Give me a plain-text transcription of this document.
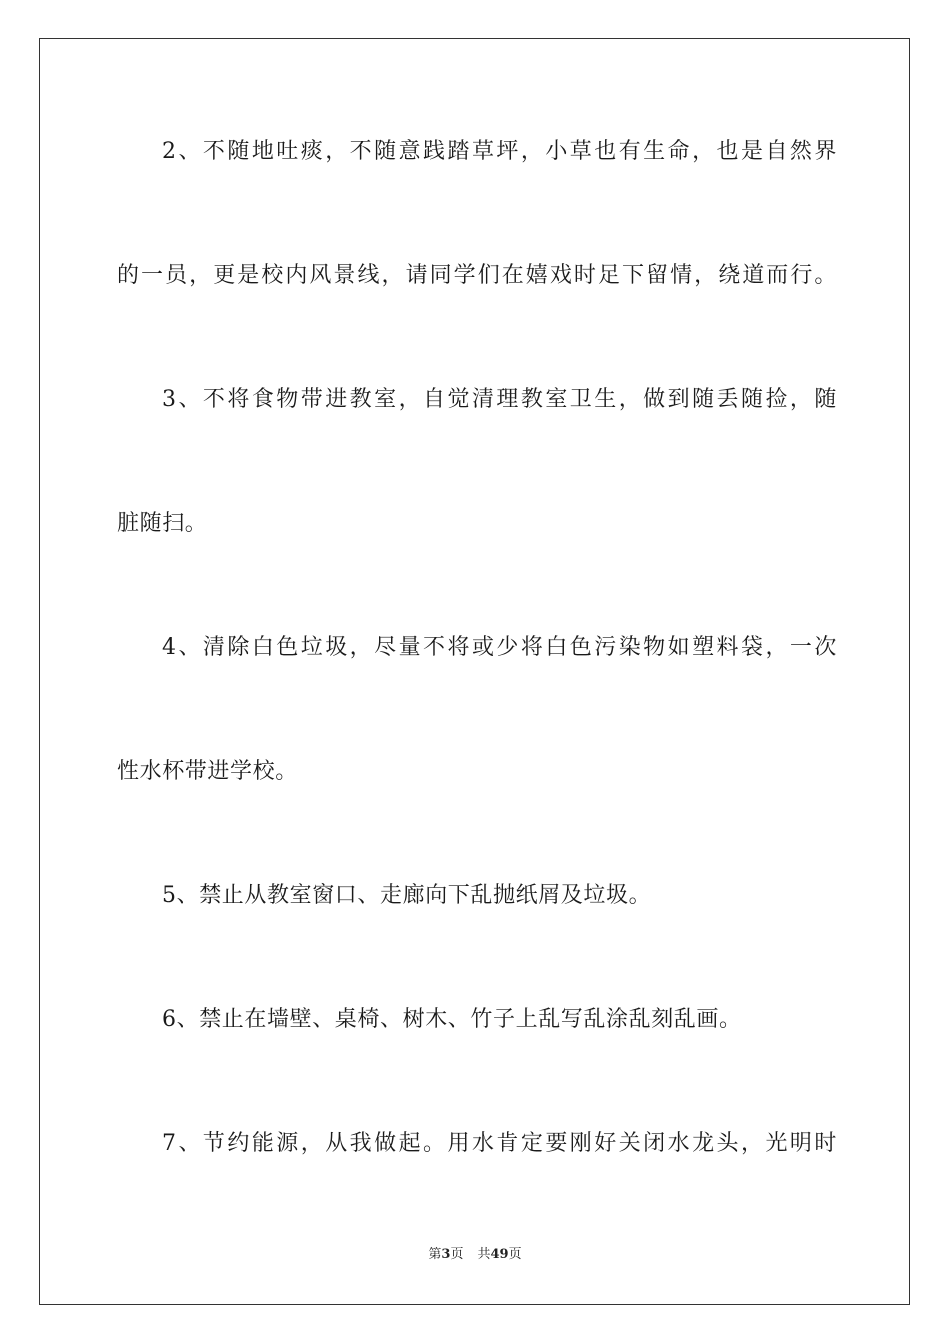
2、不随地吐痰，不随意践踏草坪，小草也有生命，也是自然界
的一员，更是校内风景线，请同学们在嬉戏时足下留情，绕道而行。
3、不将食物带进教室，自觉清理教室卫生，做到随丢随捡，随
脏随扫。
4、清除白色垃圾，尽量不将或少将白色污染物如塑料袋，一次
性水杯带进学校。
5、禁止从教室窗口、走廊向下乱抛纸屑及垃圾。
6、禁止在墙壁、桌椅、树木、竹子上乱写乱涂乱刻乱画。
7、节约能源，从我做起。用水肯定要刚好关闭水龙头，光明时
第3页 共49页
